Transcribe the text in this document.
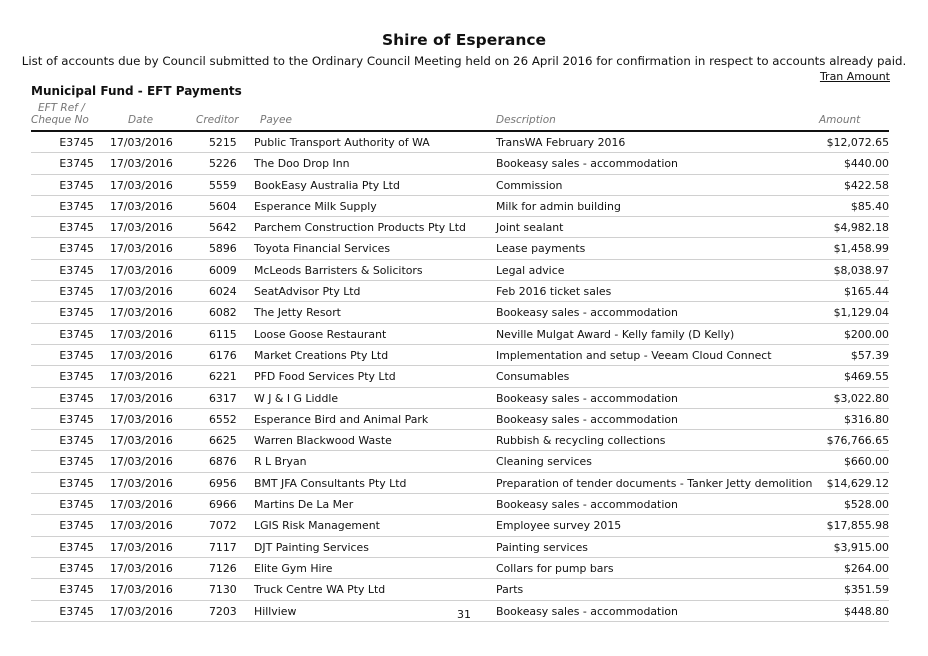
Shire of Esperance
List of accounts due by Council submitted to the Ordinary Council Meeting held on 26 April 2016 for confirmation in respect to accounts already paid.
Tran Amount
Municipal Fund - EFT Payments
EFT Ref /
Cheque No	Date	Creditor Payee	Description	Amount
E3745 17/03/2016	5215 Public Transport Authority of WA	TransWA February 2016	$12,072.65
E3745 17/03/2016	5226 The Doo Drop Inn	Bookeasy sales - accommodation	$440.00
E3745 17/03/2016	5559 BookEasy Australia Pty Ltd	Commission	$422.58
E3745 17/03/2016	5604 Esperance Milk Supply	Milk for admin building	$85.40
E3745 17/03/2016	5642 Parchem Construction Products Pty Ltd	Joint sealant	$4,982.18
E3745 17/03/2016	5896 Toyota Financial Services	Lease payments	$1,458.99
E3745 17/03/2016	6009 McLeods Barristers & Solicitors	Legal advice	$8,038.97
E3745 17/03/2016	6024 SeatAdvisor Pty Ltd	Feb 2016 ticket sales	$165.44
E3745 17/03/2016	6082 The Jetty Resort	Bookeasy sales - accommodation	$1,129.04
E3745 17/03/2016	6115 Loose Goose Restaurant	Neville Mulgat Award - Kelly family (D Kelly)	$200.00
E3745 17/03/2016	6176 Market Creations Pty Ltd	Implementation and setup - Veeam Cloud Connect	$57.39
E3745 17/03/2016	6221 PFD Food Services Pty Ltd	Consumables	$469.55
E3745 17/03/2016	6317 W J & I G Liddle	Bookeasy sales - accommodation	$3,022.80
E3745 17/03/2016	6552 Esperance Bird and Animal Park	Bookeasy sales - accommodation	$316.80
E3745 17/03/2016	6625 Warren Blackwood Waste	Rubbish & recycling collections	$76,766.65
E3745 17/03/2016	6876 R L Bryan	Cleaning services	$660.00
E3745 17/03/2016	6956 BMT JFA Consultants Pty Ltd	Preparation of tender documents - Tanker Jetty demolition $14,629.12
E3745 17/03/2016	6966 Martins De La Mer	Bookeasy sales - accommodation	$528.00
E3745 17/03/2016	7072 LGIS Risk Management	Employee survey 2015	$17,855.98
E3745 17/03/2016	7117 DJT Painting Services	Painting services	$3,915.00
E3745 17/03/2016	7126 Elite Gym Hire	Collars for pump bars	$264.00
E3745 17/03/2016	7130 Truck Centre WA Pty Ltd	Parts	$351.59
E3745 17/03/2016	7203 Hillview	Bookeasy sales - accommodation	$448.80
31
